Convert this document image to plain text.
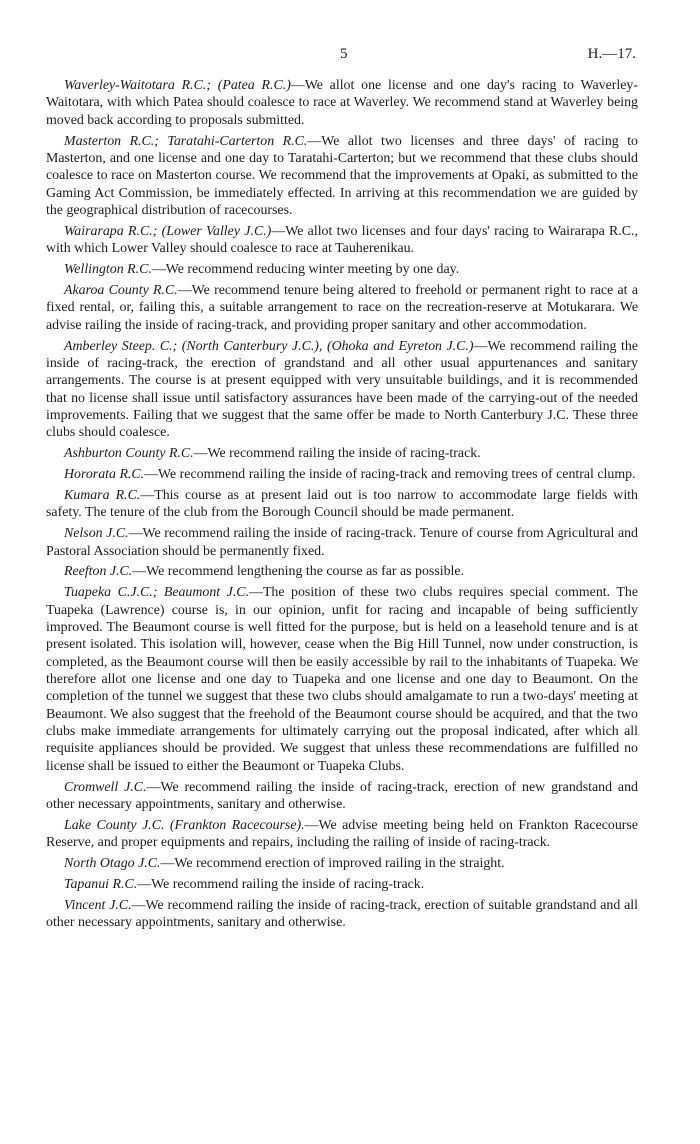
5	H.—17.

Waverley-Waitotara R.C.; (Patea R.C.)—We allot one license and one day's racing to Waverley-Waitotara, with which Patea should coalesce to race at Waverley. We recommend stand at Waverley being moved back according to proposals submitted.

Masterton R.C.; Taratahi-Carterton R.C.—We allot two licenses and three days' of racing to Masterton, and one license and one day to Taratahi-Carterton; but we recommend that these clubs should coalesce to race on Masterton course. We recommend that the improvements at Opaki, as submitted to the Gaming Act Commission, be immediately effected. In arriving at this recommendation we are guided by the geographical distribution of racecourses.

Wairarapa R.C.; (Lower Valley J.C.)—We allot two licenses and four days' racing to Wairarapa R.C., with which Lower Valley should coalesce to race at Tauherenikau.

Wellington R.C.—We recommend reducing winter meeting by one day.

Akaroa County R.C.—We recommend tenure being altered to freehold or permanent right to race at a fixed rental, or, failing this, a suitable arrangement to race on the recreation-reserve at Motukarara. We advise railing the inside of racing-track, and providing proper sanitary and other accommodation.

Amberley Steep. C.; (North Canterbury J.C.), (Ohoka and Eyreton J.C.)—We recommend railing the inside of racing-track, the erection of grandstand and all other usual appurtenances and sanitary arrangements. The course is at present equipped with very unsuitable buildings, and it is recommended that no license shall issue until satisfactory assurances have been made of the carrying-out of the needed improvements. Failing that we suggest that the same offer be made to North Canterbury J.C. These three clubs should coalesce.

Ashburton County R.C.—We recommend railing the inside of racing-track.

Hororata R.C.—We recommend railing the inside of racing-track and removing trees of central clump.

Kumara R.C.—This course as at present laid out is too narrow to accommodate large fields with safety. The tenure of the club from the Borough Council should be made permanent.

Nelson J.C.—We recommend railing the inside of racing-track. Tenure of course from Agricultural and Pastoral Association should be permanently fixed.

Reefton J.C.—We recommend lengthening the course as far as possible.

Tuapeka C.J.C.; Beaumont J.C.—The position of these two clubs requires special comment. The Tuapeka (Lawrence) course is, in our opinion, unfit for racing and incapable of being sufficiently improved. The Beaumont course is well fitted for the purpose, but is held on a leasehold tenure and is at present isolated. This isolation will, however, cease when the Big Hill Tunnel, now under construction, is completed, as the Beaumont course will then be easily accessible by rail to the inhabitants of Tuapeka. We therefore allot one license and one day to Tuapeka and one license and one day to Beaumont. On the completion of the tunnel we suggest that these two clubs should amalgamate to run a two-days' meeting at Beaumont. We also suggest that the freehold of the Beaumont course should be acquired, and that the two clubs make immediate arrangements for ultimately carrying out the proposal indicated, after which all requisite appliances should be provided. We suggest that unless these recommendations are fulfilled no license shall be issued to either the Beaumont or Tuapeka Clubs.

Cromwell J.C.—We recommend railing the inside of racing-track, erection of new grandstand and other necessary appointments, sanitary and otherwise.

Lake County J.C. (Frankton Racecourse).—We advise meeting being held on Frankton Racecourse Reserve, and proper equipments and repairs, including the railing of inside of racing-track.

North Otago J.C.—We recommend erection of improved railing in the straight.

Tapanui R.C.—We recommend railing the inside of racing-track.

Vincent J.C.—We recommend railing the inside of racing-track, erection of suitable grandstand and all other necessary appointments, sanitary and otherwise.
